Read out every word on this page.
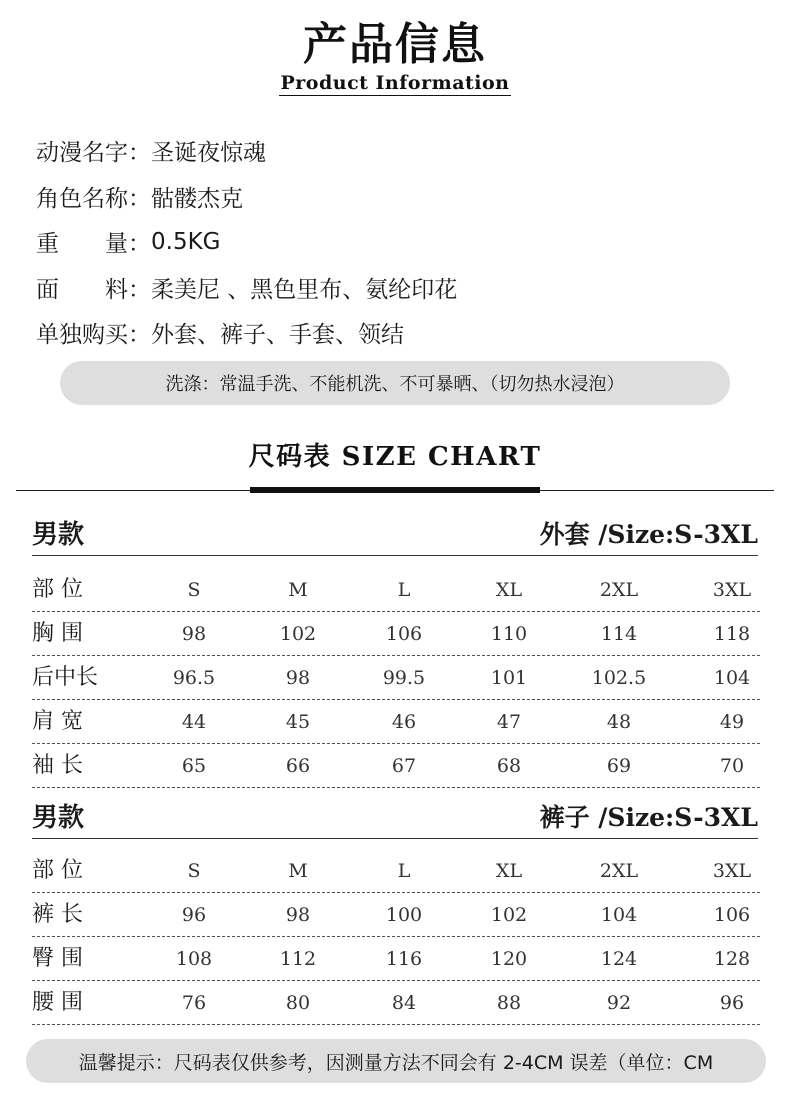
产品信息
Product Information
动漫名字： 圣诞夜惊魂
角色名称： 骷髅杰克
重　　量： 0.5KG
面　　料： 柔美尼 、黑色里布、氨纶印花
单独购买： 外套、裤子、手套、领结
洗涤：常温手洗、不能机洗、不可暴晒、（切勿热水浸泡）
尺码表 SIZE CHART
男款	外套 /Size:S-3XL
部 位	S	M	L	XL	2XL	3XL
胸 围	98	102	106	110	114	118
后中长	96.5	98	99.5	101	102.5	104
肩 宽	44	45	46	47	48	49
袖 长	65	66	67	68	69	70
男款	裤子 /Size:S-3XL
部 位	S	M	L	XL	2XL	3XL
裤 长	96	98	100	102	104	106
臀 围	108	112	116	120	124	128
腰 围	76	80	84	88	92	96
温馨提示：尺码表仅供参考，因测量方法不同会有 2-4CM 误差（单位：CM
